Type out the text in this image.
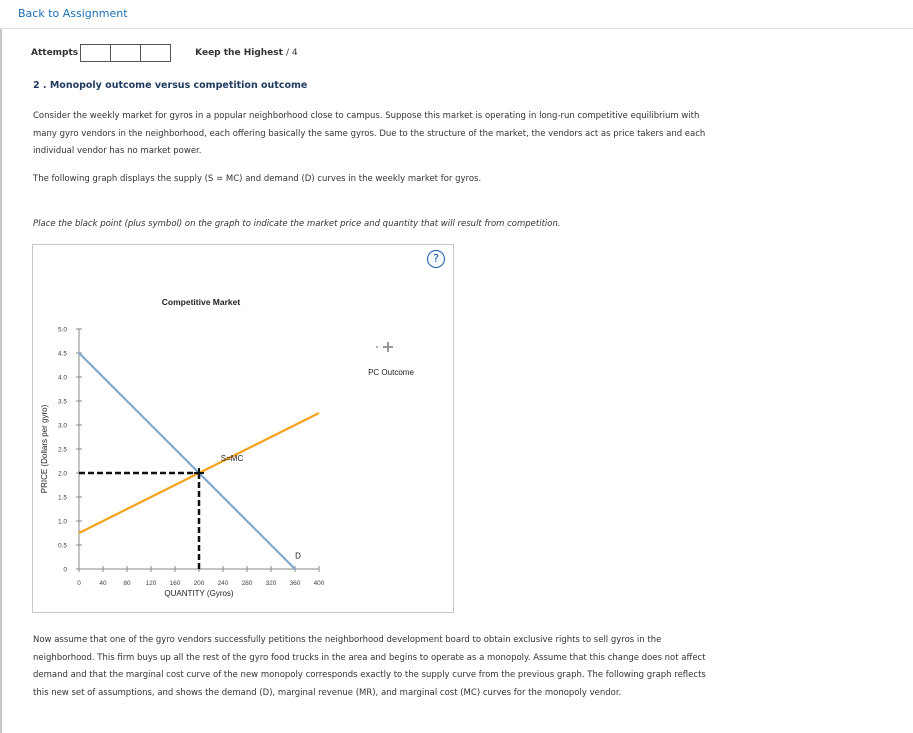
Back to Assignment
Attempts	Keep the Highest / 4
2 . Monopoly outcome versus competition outcome
Consider the weekly market for gyros in a popular neighborhood close to campus. Suppose this market is operating in long-run competitive equilibrium with many gyro vendors in the neighborhood, each offering basically the same gyros. Due to the structure of the market, the vendors act as price takers and each individual vendor has no market power.
The following graph displays the supply (S = MC) and demand (D) curves in the weekly market for gyros.
Place the black point (plus symbol) on the graph to indicate the market price and quantity that will result from competition.
?
Competitive Market
0
0.5
1.0
1.5
2.0
2.5
3.0
3.5
4.0
4.5
5.0
0	40	80 120 160 200 240 280 320 360 400
QUANTITY (Gyros)
PRICE (Dollars per gyro)
D
S=MC
PC Outcome
Now assume that one of the gyro vendors successfully petitions the neighborhood development board to obtain exclusive rights to sell gyros in the neighborhood. This firm buys up all the rest of the gyro food trucks in the area and begins to operate as a monopoly. Assume that this change does not affect demand and that the marginal cost curve of the new monopoly corresponds exactly to the supply curve from the previous graph. The following graph reflects this new set of assumptions, and shows the demand (D), marginal revenue (MR), and marginal cost (MC) curves for the monopoly vendor.
